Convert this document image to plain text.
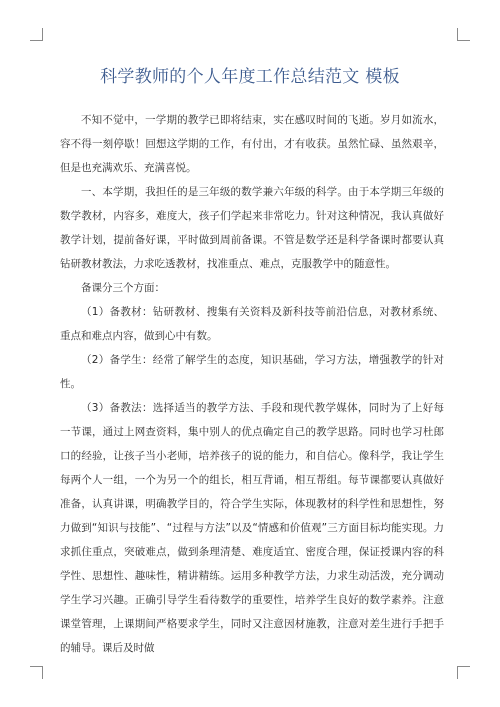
科学教师的个人年度工作总结范文 模板

不知不觉中，一学期的教学已即将结束，实在感叹时间的飞逝。岁月如流水，容不得一刻停歇！回想这学期的工作，有付出，才有收获。虽然忙碌、虽然艰辛，但是也充满欢乐、充满喜悦。

一、本学期，我担任的是三年级的数学兼六年级的科学。由于本学期三年级的数学教材，内容多，难度大，孩子们学起来非常吃力。针对这种情况，我认真做好教学计划，提前备好课，平时做到周前备课。不管是数学还是科学备课时都要认真钻研教材教法，力求吃透教材，找准重点、难点，克服教学中的随意性。

备课分三个方面：

（1）备教材：钻研教材、搜集有关资料及新科技等前沿信息，对教材系统、重点和难点内容，做到心中有数。

（2）备学生：经常了解学生的态度，知识基础，学习方法，增强教学的针对性。

（3）备教法：选择适当的教学方法、手段和现代教学媒体，同时为了上好每一节课，通过上网查资料，集中别人的优点确定自己的教学思路。同时也学习杜郎口的经验，让孩子当小老师，培养孩子的说的能力，和自信心。像科学，我让学生每两个人一组，一个为另一个的组长，相互背诵，相互帮组。每节课都要认真做好准备，认真讲课，明确教学目的，符合学生实际，体现教材的科学性和思想性，努力做到“知识与技能”、“过程与方法”以及“情感和价值观”三方面目标均能实现。力求抓住重点，突破难点，做到条理清楚、难度适宜、密度合理，保证授课内容的科学性、思想性、趣味性，精讲精练。运用多种教学方法，力求生动活泼，充分调动学生学习兴趣。正确引导学生看待数学的重要性，培养学生良好的数学素养。注意课堂管理，上课期间严格要求学生，同时又注意因材施教，注意对差生进行手把手的辅导。课后及时做
